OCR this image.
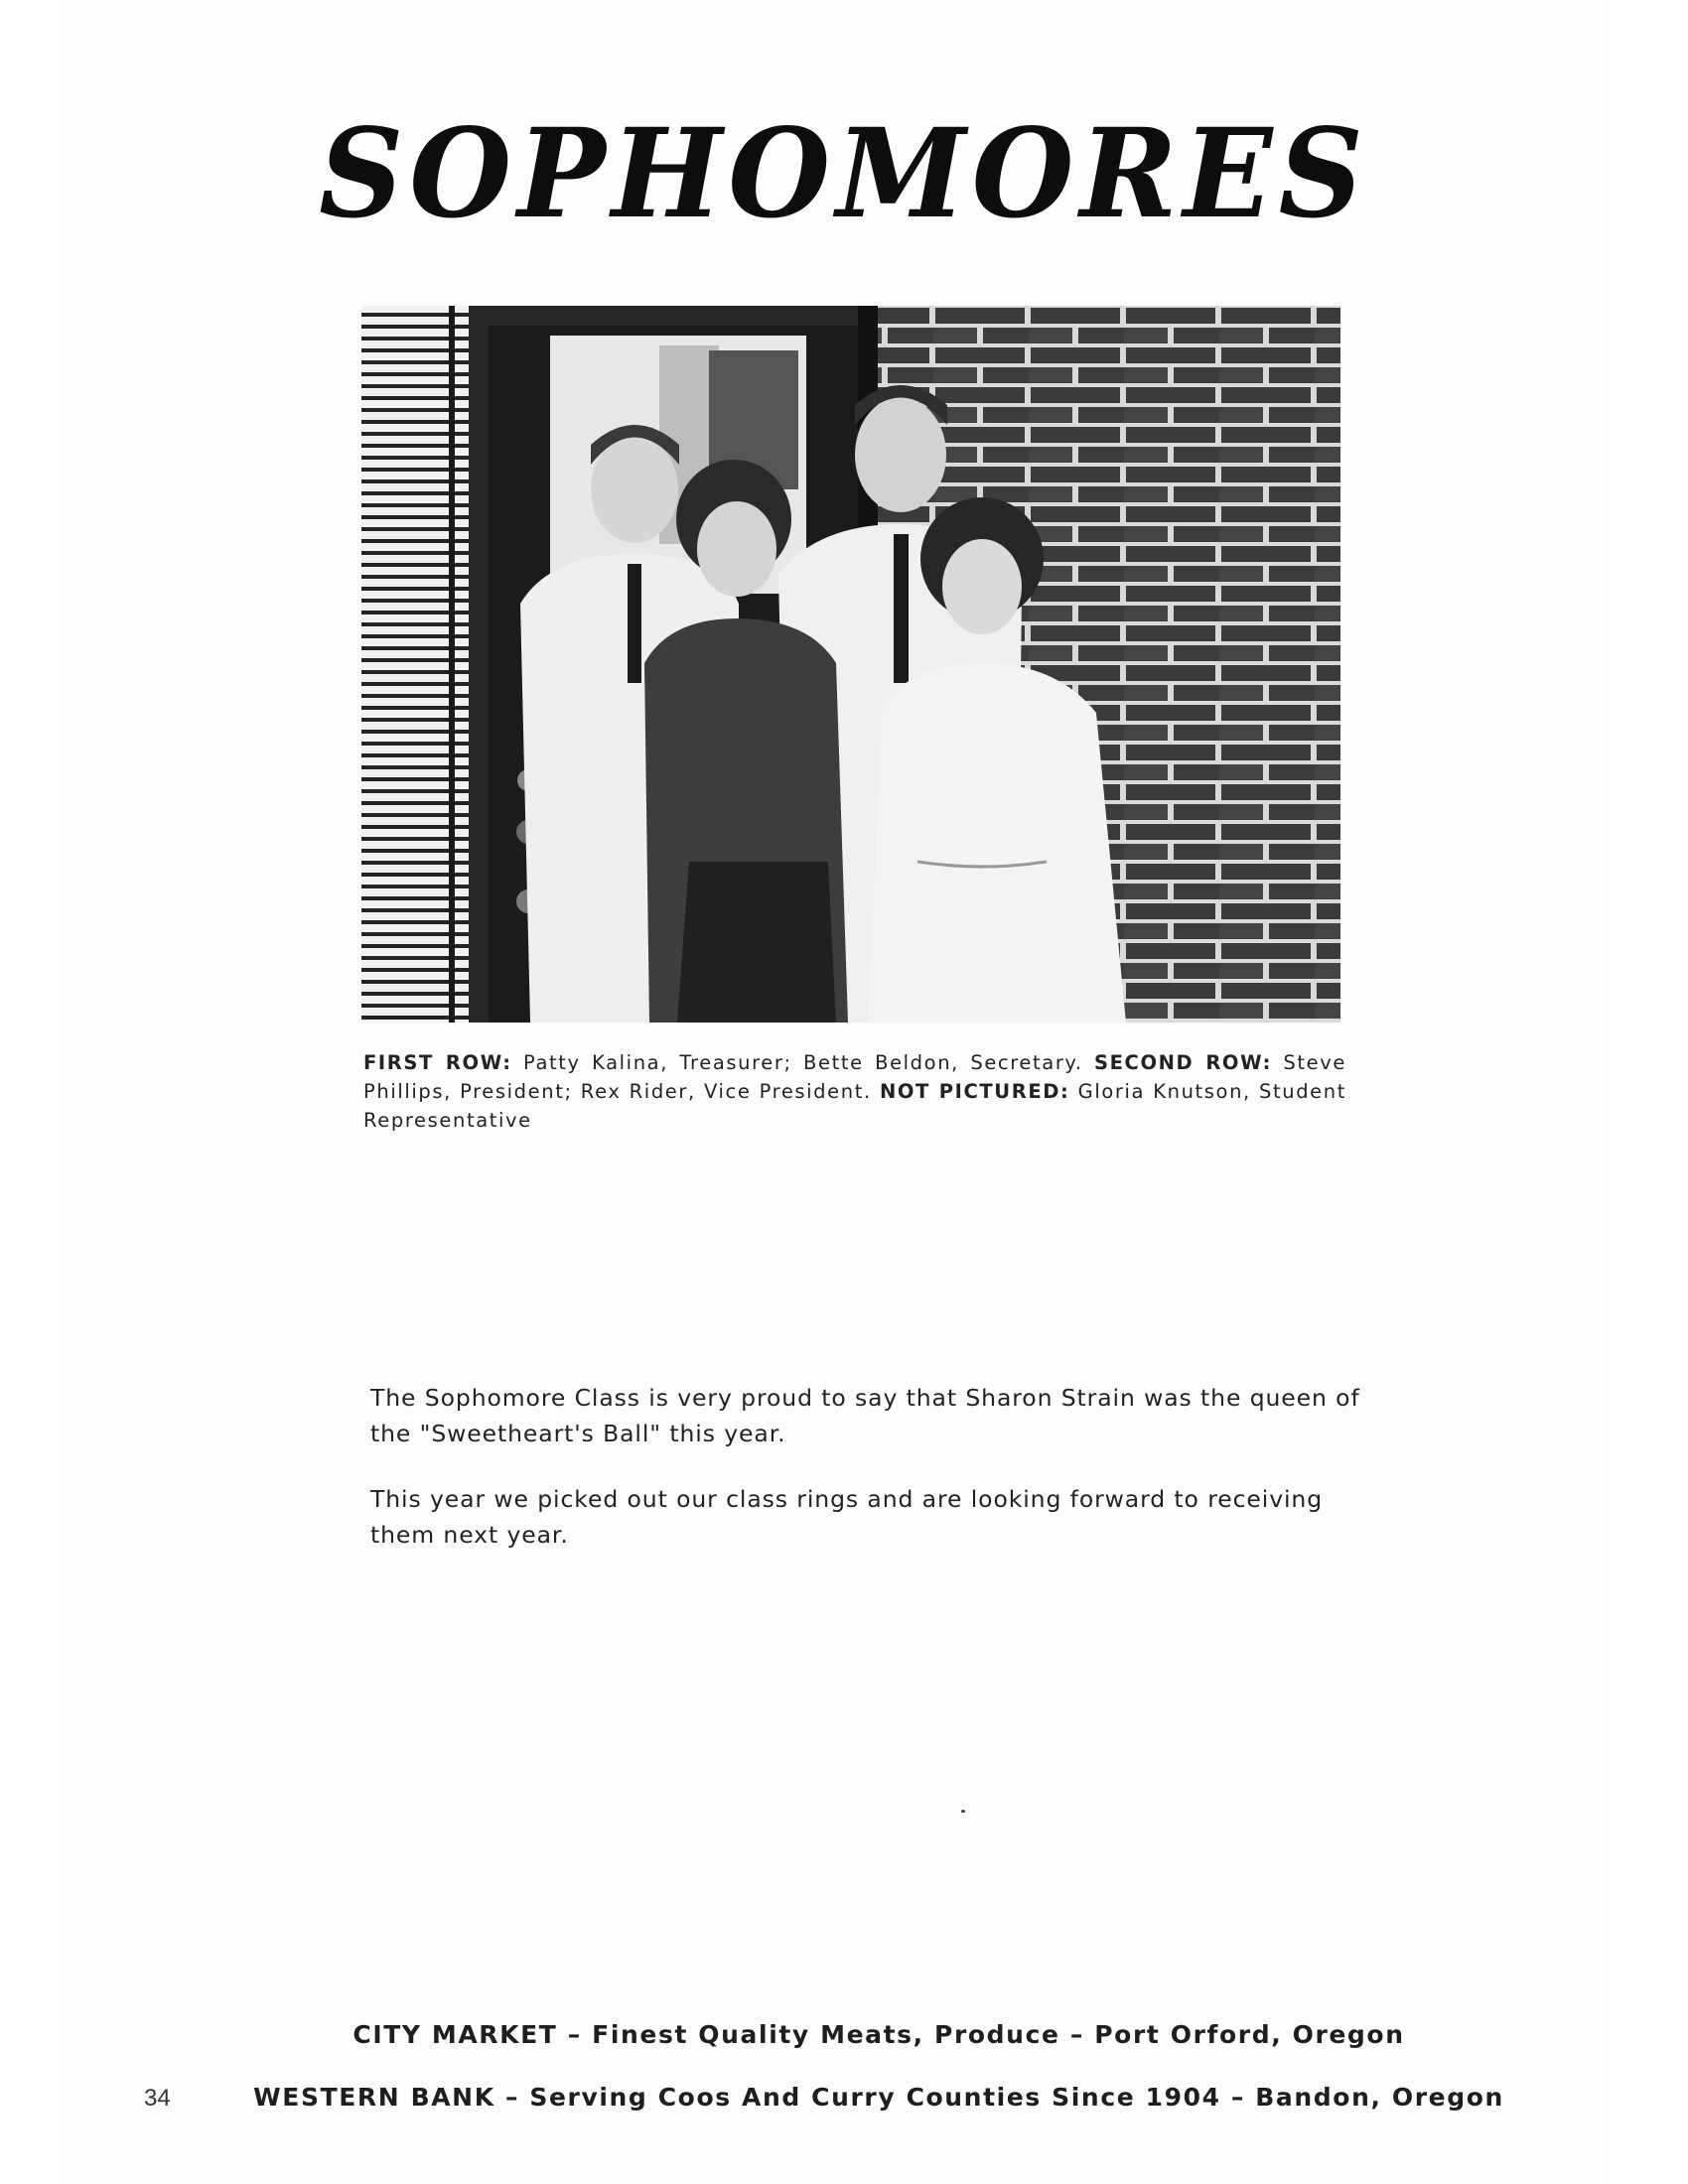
SOPHOMORES

FIRST ROW: Patty Kalina, Treasurer; Bette Beldon, Secretary. SECOND ROW: Steve Phillips, President; Rex Rider, Vice President. NOT PICTURED: Gloria Knutson, Student Representative

The Sophomore Class is very proud to say that Sharon Strain was the queen of the "Sweetheart's Ball" this year.

This year we picked out our class rings and are looking forward to receiving them next year.

CITY MARKET – Finest Quality Meats, Produce – Port Orford, Oregon

WESTERN BANK – Serving Coos And Curry Counties Since 1904 – Bandon, Oregon

34
